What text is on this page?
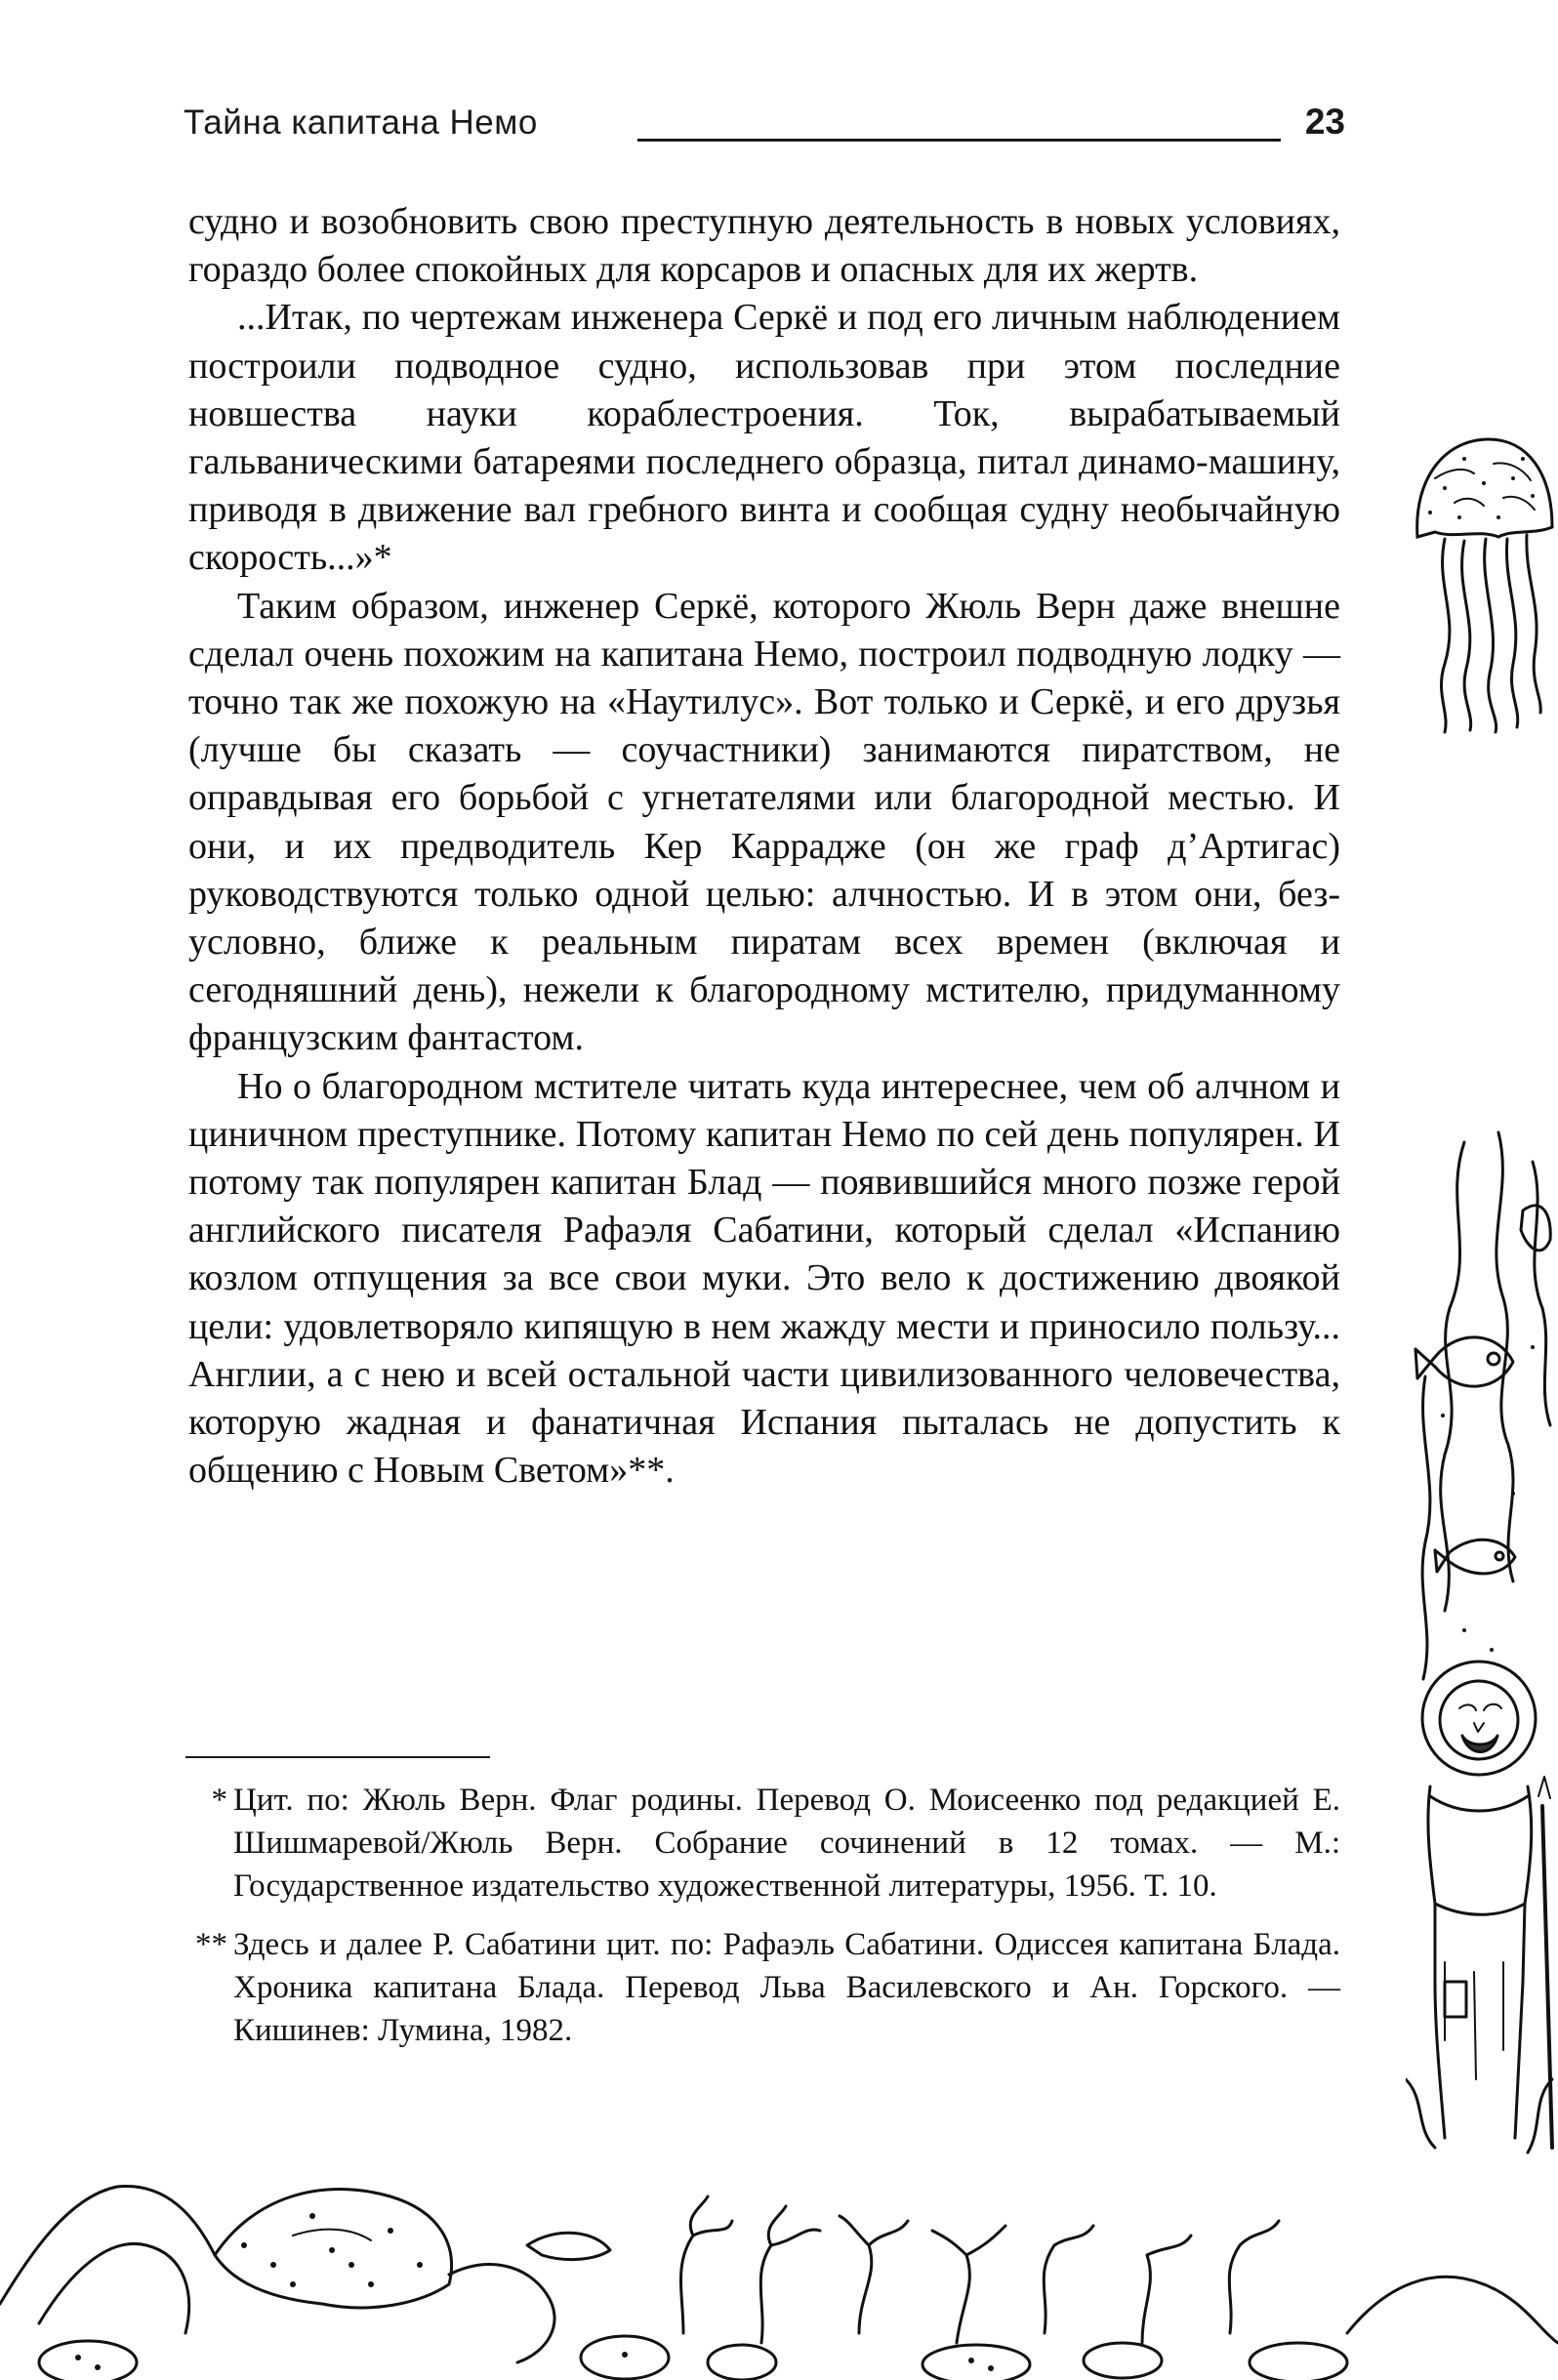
Тайна капитана Немо	23

судно и возобновить свою преступную деятельность в новых условиях, гораздо более спокойных для корсаров и опасных для их жертв.

...Итак, по чертежам инженера Серкё и под его личным наблюдением построили подводное судно, использовав при этом последние новшества науки кораблестроения. Ток, вырабатываемый гальваническими батареями последнего образца, питал динамо-машину, приводя в движение вал гребного винта и сообщая судну необычайную скорость...»*

Таким образом, инженер Серкё, которого Жюль Верн даже внешне сделал очень похожим на капитана Немо, построил подводную лодку — точно так же похожую на «Наутилус». Вот только и Серкё, и его друзья (лучше бы сказать — соучастники) занимаются пиратством, не оправдывая его борьбой с угнетателями или благородной местью. И они, и их предводитель Кер Карраджe (он же граф д’Артигас) руководствуются только одной целью: алчностью. И в этом они, безусловно, ближе к реальным пиратам всех времен (включая и сегодняшний день), нежели к благородному мстителю, придуманному французским фантастом.

Но о благородном мстителе читать куда интереснее, чем об алчном и циничном преступнике. Потому капитан Немо по сей день популярен. И потому так популярен капитан Блад — появившийся много позже герой английского писателя Рафаэля Сабатини, который сделал «Испанию козлом отпущения за все свои муки. Это вело к достижению двоякой цели: удовлетворяло кипящую в нем жажду мести и приносило пользу... Англии, а с нею и всей остальной части цивилизованного человечества, которую жадная и фанатичная Испания пыталась не допустить к общению с Новым Светом»**.

* Цит. по: Жюль Верн. Флаг родины. Перевод О. Моисеенко под редакцией Е. Шишмаревой/Жюль Верн. Собрание сочинений в 12 томах. — М.: Государственное издательство художественной литературы, 1956. Т. 10.
** Здесь и далее Р. Сабатини цит. по: Рафаэль Сабатини. Одиссея капитана Блада. Хроника капитана Блада. Перевод Льва Василевского и Ан. Горского. — Кишинев: Лумина, 1982.
